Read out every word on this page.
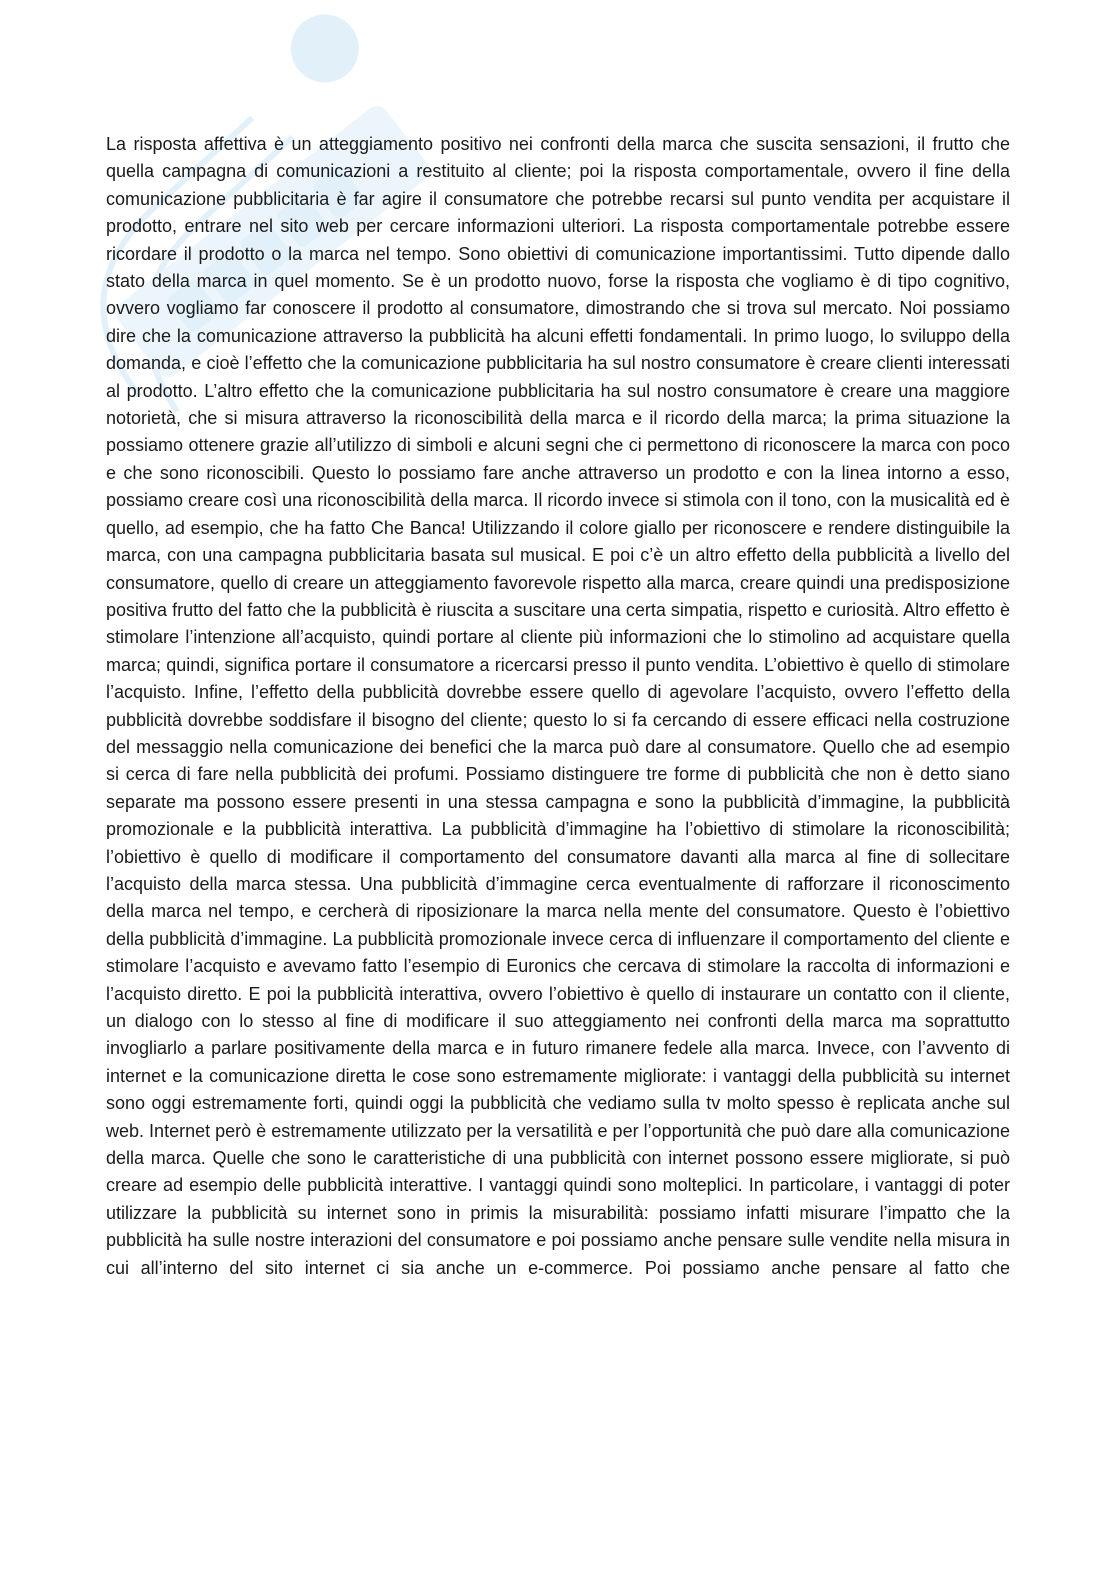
La risposta affettiva è un atteggiamento positivo nei confronti della marca che suscita sensazioni, il frutto che quella campagna di comunicazioni a restituito al cliente; poi la risposta comportamentale, ovvero il fine della comunicazione pubblicitaria è far agire il consumatore che potrebbe recarsi sul punto vendita per acquistare il prodotto, entrare nel sito web per cercare informazioni ulteriori. La risposta comportamentale potrebbe essere ricordare il prodotto o la marca nel tempo. Sono obiettivi di comunicazione importantissimi. Tutto dipende dallo stato della marca in quel momento. Se è un prodotto nuovo, forse la risposta che vogliamo è di tipo cognitivo, ovvero vogliamo far conoscere il prodotto al consumatore, dimostrando che si trova sul mercato. Noi possiamo dire che la comunicazione attraverso la pubblicità ha alcuni effetti fondamentali. In primo luogo, lo sviluppo della domanda, e cioè l’effetto che la comunicazione pubblicitaria ha sul nostro consumatore è creare clienti interessati al prodotto. L’altro effetto che la comunicazione pubblicitaria ha sul nostro consumatore è creare una maggiore notorietà, che si misura attraverso la riconoscibilità della marca e il ricordo della marca; la prima situazione la possiamo ottenere grazie all’utilizzo di simboli e alcuni segni che ci permettono di riconoscere la marca con poco e che sono riconoscibili. Questo lo possiamo fare anche attraverso un prodotto e con la linea intorno a esso, possiamo creare così una riconoscibilità della marca. Il ricordo invece si stimola con il tono, con la musicalità ed è quello, ad esempio, che ha fatto Che Banca! Utilizzando il colore giallo per riconoscere e rendere distinguibile la marca, con una campagna pubblicitaria basata sul musical. E poi c’è un altro effetto della pubblicità a livello del consumatore, quello di creare un atteggiamento favorevole rispetto alla marca, creare quindi una predisposizione positiva frutto del fatto che la pubblicità è riuscita a suscitare una certa simpatia, rispetto e curiosità. Altro effetto è stimolare l’intenzione all’acquisto, quindi portare al cliente più informazioni che lo stimolino ad acquistare quella marca; quindi, significa portare il consumatore a ricercarsi presso il punto vendita. L’obiettivo è quello di stimolare l’acquisto. Infine, l’effetto della pubblicità dovrebbe essere quello di agevolare l’acquisto, ovvero l’effetto della pubblicità dovrebbe soddisfare il bisogno del cliente; questo lo si fa cercando di essere efficaci nella costruzione del messaggio nella comunicazione dei benefici che la marca può dare al consumatore. Quello che ad esempio si cerca di fare nella pubblicità dei profumi. Possiamo distinguere tre forme di pubblicità che non è detto siano separate ma possono essere presenti in una stessa campagna e sono la pubblicità d’immagine, la pubblicità promozionale e la pubblicità interattiva. La pubblicità d’immagine ha l’obiettivo di stimolare la riconoscibilità; l’obiettivo è quello di modificare il comportamento del consumatore davanti alla marca al fine di sollecitare l’acquisto della marca stessa. Una pubblicità d’immagine cerca eventualmente di rafforzare il riconoscimento della marca nel tempo, e cercherà di riposizionare la marca nella mente del consumatore. Questo è l’obiettivo della pubblicità d’immagine. La pubblicità promozionale invece cerca di influenzare il comportamento del cliente e stimolare l’acquisto e avevamo fatto l’esempio di Euronics che cercava di stimolare la raccolta di informazioni e l’acquisto diretto. E poi la pubblicità interattiva, ovvero l’obiettivo è quello di instaurare un contatto con il cliente, un dialogo con lo stesso al fine di modificare il suo atteggiamento nei confronti della marca ma soprattutto invogliarlo a parlare positivamente della marca e in futuro rimanere fedele alla marca. Invece, con l’avvento di internet e la comunicazione diretta le cose sono estremamente migliorate: i vantaggi della pubblicità su internet sono oggi estremamente forti, quindi oggi la pubblicità che vediamo sulla tv molto spesso è replicata anche sul web. Internet però è estremamente utilizzato per la versatilità e per l’opportunità che può dare alla comunicazione della marca. Quelle che sono le caratteristiche di una pubblicità con internet possono essere migliorate, si può creare ad esempio delle pubblicità interattive. I vantaggi quindi sono molteplici. In particolare, i vantaggi di poter utilizzare la pubblicità su internet sono in primis la misurabilità: possiamo infatti misurare l’impatto che la pubblicità ha sulle nostre interazioni del consumatore e poi possiamo anche pensare sulle vendite nella misura in cui all’interno del sito internet ci sia anche un e-commerce. Poi possiamo anche pensare al fatto che
